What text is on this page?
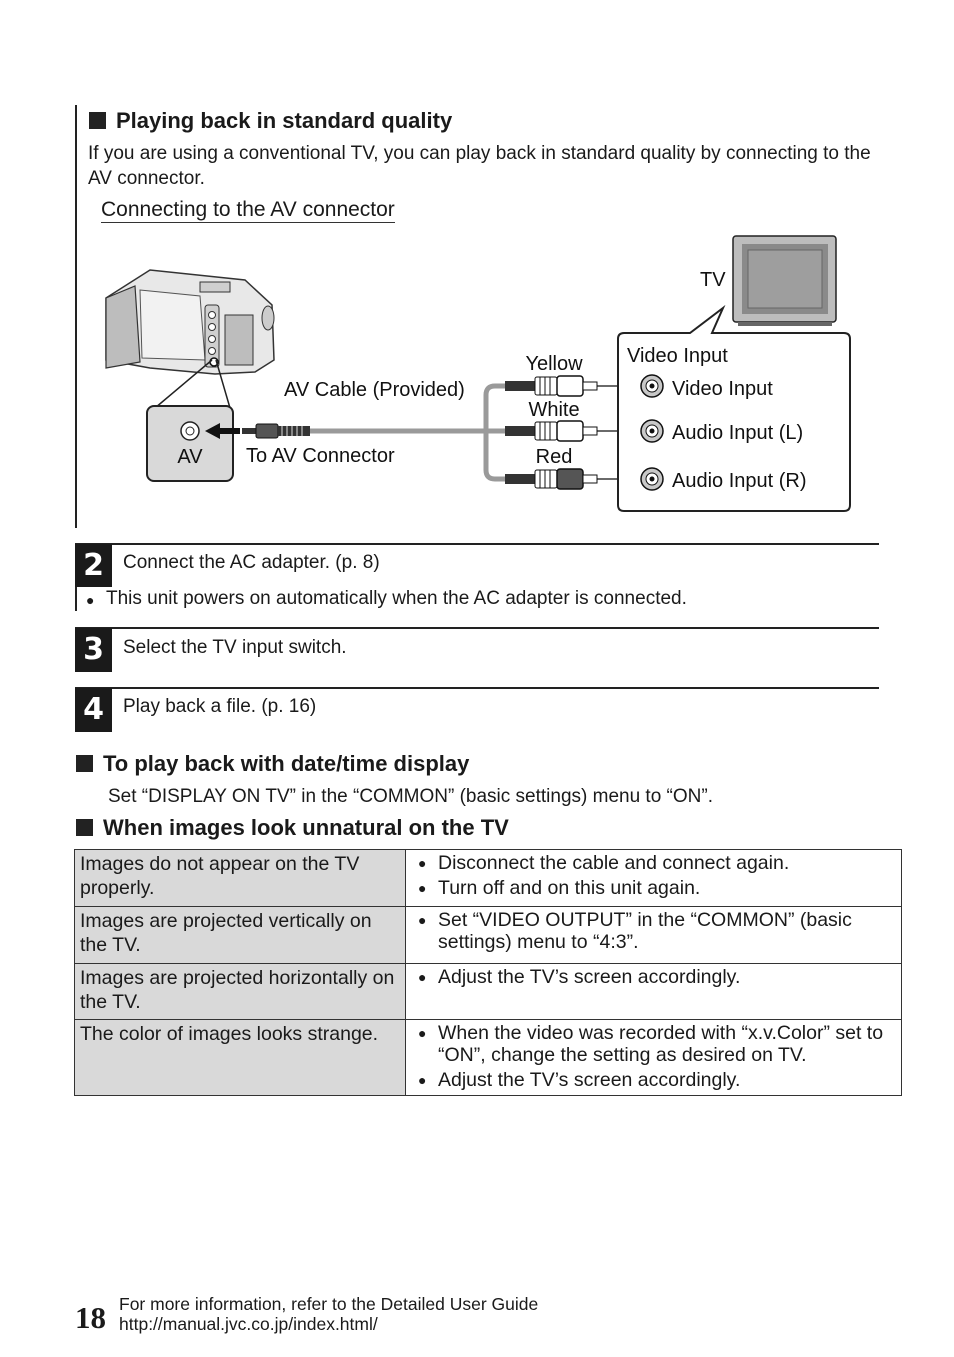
Playing back in standard quality
If you are using a conventional TV, you can play back in standard quality by connecting to the AV connector.
Connecting to the AV connector
AV
Yellow
White
Red
AV Cable (Provided)
To AV Connector
TV
Video Input
Video Input
Audio Input (L)
Audio Input (R)
2	Connect the AC adapter. (p. 8)
● This unit powers on automatically when the AC adapter is connected.
3	Select the TV input switch.
4	Play back a file. (p. 16)
To play back with date/time display
Set “DISPLAY ON TV” in the “COMMON” (basic settings) menu to “ON”.
When images look unnatural on the TV
Images do not appear on the TV properly.	● Disconnect the cable and connect again.
● Turn off and on this unit again.

Images are projected vertically on the TV.	● Set “VIDEO OUTPUT” in the “COMMON” (basic settings) menu to “4:3”.

Images are projected horizontally on the TV.	● Adjust the TV’s screen accordingly.

The color of images looks strange.	● When the video was recorded with “x.v.Color” set to “ON”, change the setting as desired on TV.
● Adjust the TV’s screen accordingly.
18 For more information, refer to the Detailed User Guide
http://manual.jvc.co.jp/index.html/
